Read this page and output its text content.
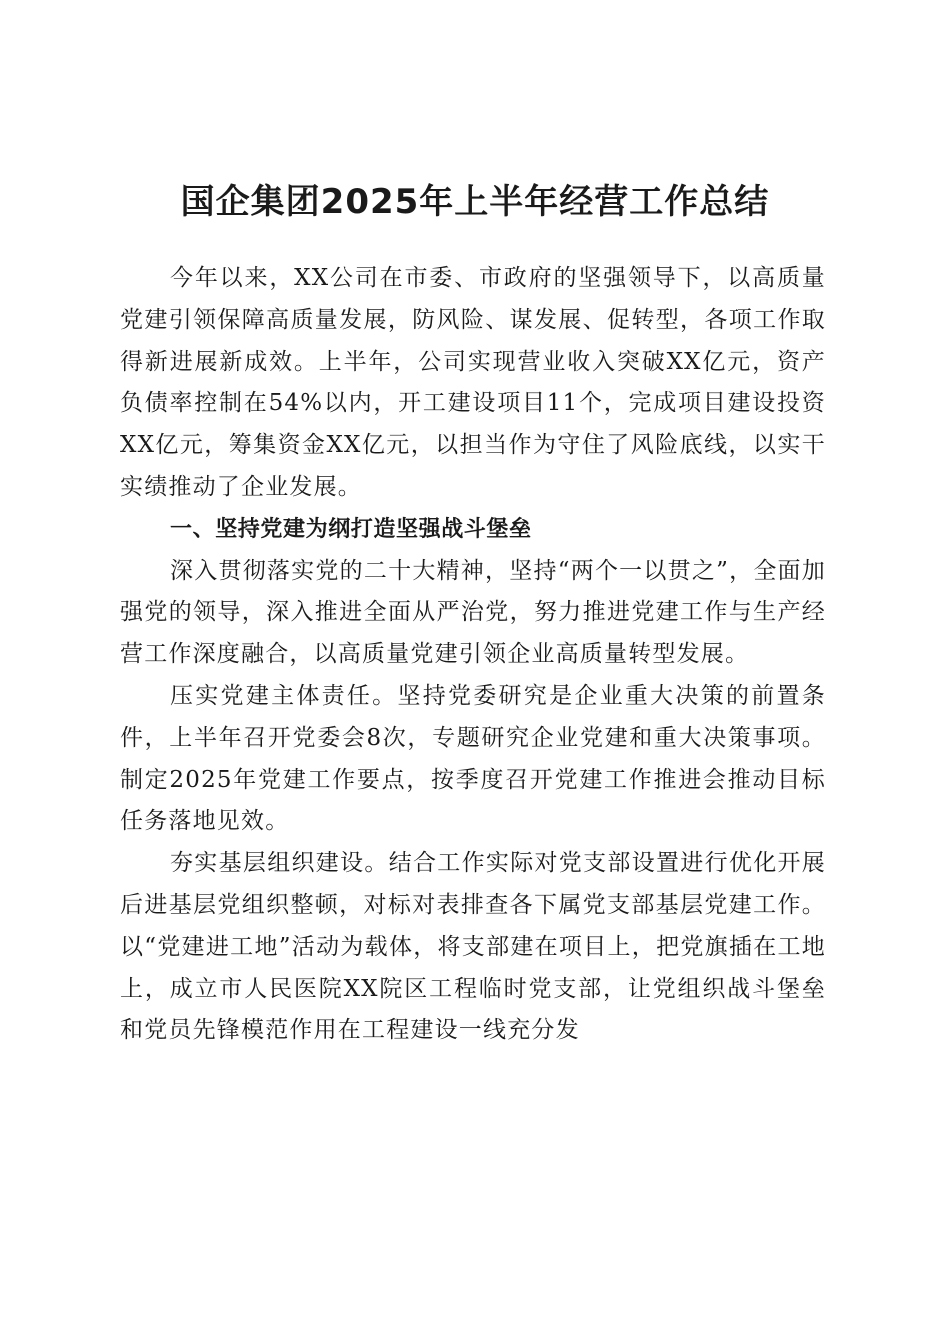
国企集团2025年上半年经营工作总结

今年以来，XX公司在市委、市政府的坚强领导下，以高质量党建引领保障高质量发展，防风险、谋发展、促转型，各项工作取得新进展新成效。上半年，公司实现营业收入突破XX亿元，资产负债率控制在54%以内，开工建设项目11个，完成项目建设投资XX亿元，筹集资金XX亿元，以担当作为守住了风险底线，以实干实绩推动了企业发展。

一、坚持党建为纲打造坚强战斗堡垒

深入贯彻落实党的二十大精神，坚持“两个一以贯之”，全面加强党的领导，深入推进全面从严治党，努力推进党建工作与生产经营工作深度融合，以高质量党建引领企业高质量转型发展。

压实党建主体责任。坚持党委研究是企业重大决策的前置条件，上半年召开党委会8次，专题研究企业党建和重大决策事项。制定2025年党建工作要点，按季度召开党建工作推进会推动目标任务落地见效。

夯实基层组织建设。结合工作实际对党支部设置进行优化开展后进基层党组织整顿，对标对表排查各下属党支部基层党建工作。以“党建进工地”活动为载体，将支部建在项目上，把党旗插在工地上，成立市人民医院XX院区工程临时党支部，让党组织战斗堡垒和党员先锋模范作用在工程建设一线充分发
